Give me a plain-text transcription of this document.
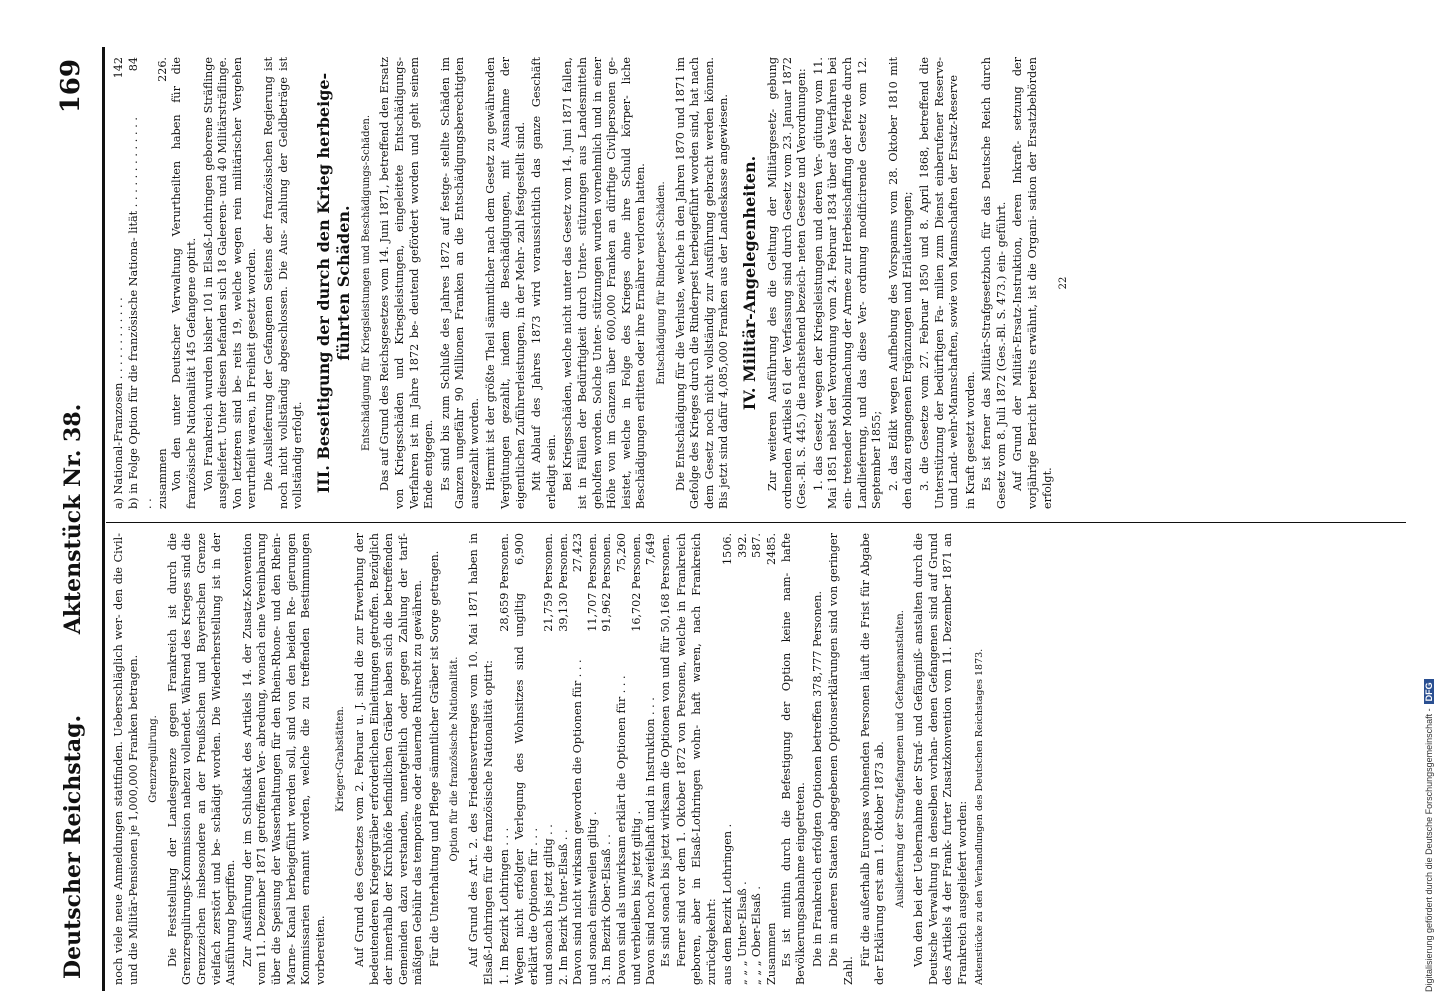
Deutscher Reichstag.
Aktenstück Nr. 38.
169

noch viele neue Anmeldungen stattfinden. Ueberschläglich wer- den die Civil- und die Militär-Pensionen je 1,000,000 Franken betragen. Grenzregulirung. Die Feststellung der Landesgrenze gegen Frankreich ist durch die Grenzregulirungs-Kommission nahezu vollendet. Während des Krieges sind die Grenzzeichen insbesondere an der Preußischen und Bayerischen Grenze vielfach zerstört und be- schädigt worden. Die Wiederherstellung ist in der Ausführung begriffen. Zur Ausführung der im Schlußakt des Artikels 14. der Zusatz-Konvention vom 11. Dezember 1871 getroffenen Ver- abredung, wonach eine Vereinbarung über die Speisung der Wasserhaltungen für den Rhein-Rhone- und den Rhein-Marne- Kanal herbeigeführt werden soll, sind von den beiden Re- gierungen Kommissarien ernannt worden, welche die zu treffenden Bestimmungen vorbereiten.

Krieger-Grabstätten. Auf Grund des Gesetzes vom 2. Februar u. J. sind die zur Erwerbung der bedeutenderen Kriegergräber erforderlichen Einleitungen getroffen. Bezüglich der innerhalb der Kirchhöfe befindlichen Gräber haben sich die betreffenden Gemeinden dazu verstanden, unentgeltlich oder gegen Zahlung der tarif- mäßigen Gebühr das temporäre oder dauernde Ruhrecht zu gewähren. Für die Unterhaltung und Pflege sämmtlicher Gräber ist Sorge getragen. Option für die französische Nationalität. Auf Grund des Art. 2. des Friedensvertrages vom 10. Mai 1871 haben in Elsaß-Lothringen für die französische Nationalität optirt: 1. Im Bezirk Lothringen . . .
28,659 Personen.
Wegen nicht erfolgter Verlegung des Wohnsitzes sind ungiltig erklärt die Optionen für . . .
6,900
und sonach bis jetzt giltig . .
21,759 Personen.
2. Im Bezirk Unter-Elsaß . .
39,130 Personen.
Davon sind nicht wirksam geworden die Optionen für . . .
27,423
und sonach einstweilen giltig .
11,707 Personen.
3. Im Bezirk Ober-Elsaß . .
91,962 Personen.
Davon sind als unwirksam erklärt die Optionen für . . .
75,260
und verbleiben bis jetzt giltig .
16,702 Personen.
Davon sind noch zweifelhaft und in Instruktion . . .
7,649 Es sind sonach bis jetzt wirksam die Optionen von und für 50,168 Personen. Ferner sind vor dem 1. Oktober 1872 von Personen, welche in Frankreich geboren, aber in Elsaß-Lothringen wohn- haft waren, nach Frankreich zurückgekehrt: aus dem Bezirk Lothringen .
1506.
„ „ „ Unter-Elsaß .
392.
„ „ „ Ober-Elsaß .
587.
Zusammen
2485. Es ist mithin durch die Befestigung der Option keine nam- hafte Bevölkerungsabnahme eingetreten. Die in Frankreich erfolgten Optionen betreffen 378,777 Personen. Die in anderen Staaten abgegebenen Optionserklärungen sind von geringer Zahl.

Für die außerhalb Europas wohnenden Personen läuft die Frist für Abgabe der Erklärung erst am 1. Oktober 1873 ab. Auslieferung der Strafgefangenen und Gefangenanstalten. Von den bei der Uebernahme der Straf- und Gefängniß- anstalten durch die Deutsche Verwaltung in denselben vorhan- denen Gefangenen sind auf Grund des Artikels 4 der Frank- furter Zusatzkonvention vom 11. Dezember 1871 an Frankreich ausgeliefert worden: Aktenstücke zu den Verhandlungen des Deutschen Reichstages 1873.

a) National-Franzosen . . . . . . . . . . . .
142
b) in Folge Option für die französische Nationa- lität . . . . . . . . . . . . . . .
84
zusammen
226. Von den unter Deutscher Verwaltung Verurtheilten haben für die französische Nationalität 145 Gefangene optirt. Von Frankreich wurden bisher 101 in Elsaß-Lothringen geborene Sträflinge ausgeliefert. Unter diesen befanden sich 18 Galeeren- und 40 Militärsträflinge. Von letzteren sind be- reits 19, welche wegen rein militärischer Vergehen verurtheilt waren, in Freiheit gesetzt worden. Die Auslieferung der Gefangenen Seitens der französischen Regierung ist noch nicht vollständig abgeschlossen. Die Aus- zahlung der Geldbeträge ist vollständig erfolgt. III. Beseitigung der durch den Krieg herbeige- führten Schäden. Entschädigung für Kriegsleistungen und Beschädigungs-Schäden. Das auf Grund des Reichsgesetzes vom 14. Juni 1871, betreffend den Ersatz von Kriegsschäden und Kriegsleistungen, eingeleitete Entschädigungs-Verfahren ist im Jahre 1872 be- deutend gefördert worden und geht seinem Ende entgegen. Es sind bis zum Schluße des Jahres 1872 auf festge- stellte Schäden im Ganzen ungefähr 90 Millionen Franken an die Entschädigungsberechtigten ausgezahlt worden. Hiermit ist der größte Theil sämmtlicher nach dem Gesetz zu gewährenden Vergütungen gezahlt, indem die Beschädigungen, mit Ausnahme der eigentlichen Zuführerleistungen, in der Mehr- zahl festgestellt sind. Mit Ablauf des Jahres 1873 wird voraussichtlich das ganze Geschäft erledigt sein. Bei Kriegsschäden, welche nicht unter das Gesetz vom 14. Juni 1871 fallen, ist in Fällen der Bedürftigkeit durch Unter- stützungen aus Landesmitteln geholfen worden. Solche Unter- stützungen wurden vornehmlich und in einer Höhe von im Ganzen über 600,000 Franken an dürftige Civilpersonen ge- leistet, welche in Folge des Krieges ohne ihre Schuld körper- liche Beschädigungen erlitten oder ihre Ernährer verloren hatten. Entschädigung für Rinderpest-Schäden. Die Entschädigung für die Verluste, welche in den Jahren 1870 und 1871 im Gefolge des Krieges durch die Rinderpest herbeigeführt worden sind, hat nach dem Gesetz noch nicht vollständig zur Ausführung gebracht werden können. Bis jetzt sind dafür 4,085,000 Franken aus der Landeskasse angewiesen. IV. Militär-Angelegenheiten. Zur weiteren Ausführung des die Geltung der Militärgesetz- gebung ordnenden Artikels 61 der Verfassung sind durch Gesetz vom 23. Januar 1872 (Ges.-Bl. S. 445.) die nachstehend bezeich- neten Gesetze und Verordnungen: 1. das Gesetz wegen der Kriegsleistungen und deren Ver- gütung vom 11. Mai 1851 nebst der Verordnung vom 24. Februar 1834 über das Verfahren bei ein- tretender Mobilmachung der Armee zur Herbeischaffung der Pferde durch Landlieferung, und das diese Ver- ordnung modificirende Gesetz vom 12. September 1855; 2. das Edikt wegen Aufhebung des Vorspanns vom 28. Oktober 1810 mit den dazu ergangenen Ergänzungen und Erläuterungen; 3. die Gesetze vom 27. Februar 1850 und 8. April 1868, betreffend die Unterstützung der bedürftigen Fa- milien zum Dienst einberufener Reserve- und Land- wehr-Mannschaften, sowie von Mannschaften der Ersatz-Reserve in Kraft gesetzt worden. Es ist ferner das Militär-Strafgesetzbuch für das Deutsche Reich durch Gesetz vom 8. Juli 1872 (Ges.-Bl. S. 473.) ein- geführt. Auf Grund der Militär-Ersatz-Instruktion, deren Inkraft- setzung der vorjährige Bericht bereits erwähnt, ist die Organi- sation der Ersatzbehörden erfolgt.

22

Digitalisierung gefördert durch die Deutsche Forschungsgemeinschaft -DFG
